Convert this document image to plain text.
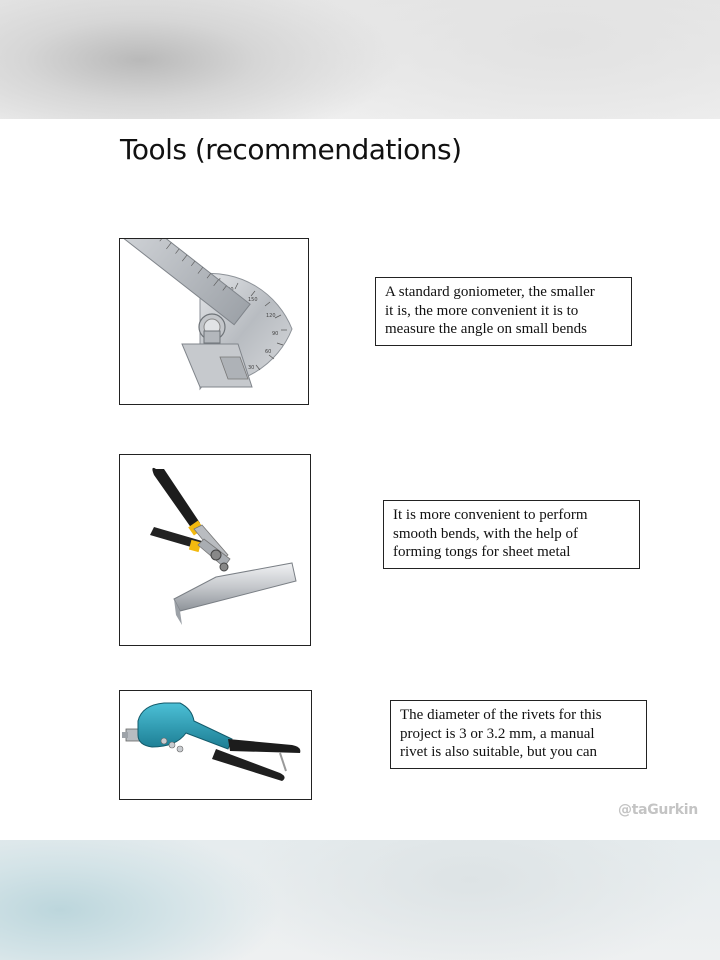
Tools (recommendations)
150
120
90
60
30
A standard goniometer, the smaller
it is, the more convenient it is to
measure the angle on small bends
It is more convenient to perform
smooth bends, with the help of
forming tongs for sheet metal
The diameter of the rivets for this
project is 3 or 3.2 mm, a manual
rivet is also suitable, but you can
@taGurkin
